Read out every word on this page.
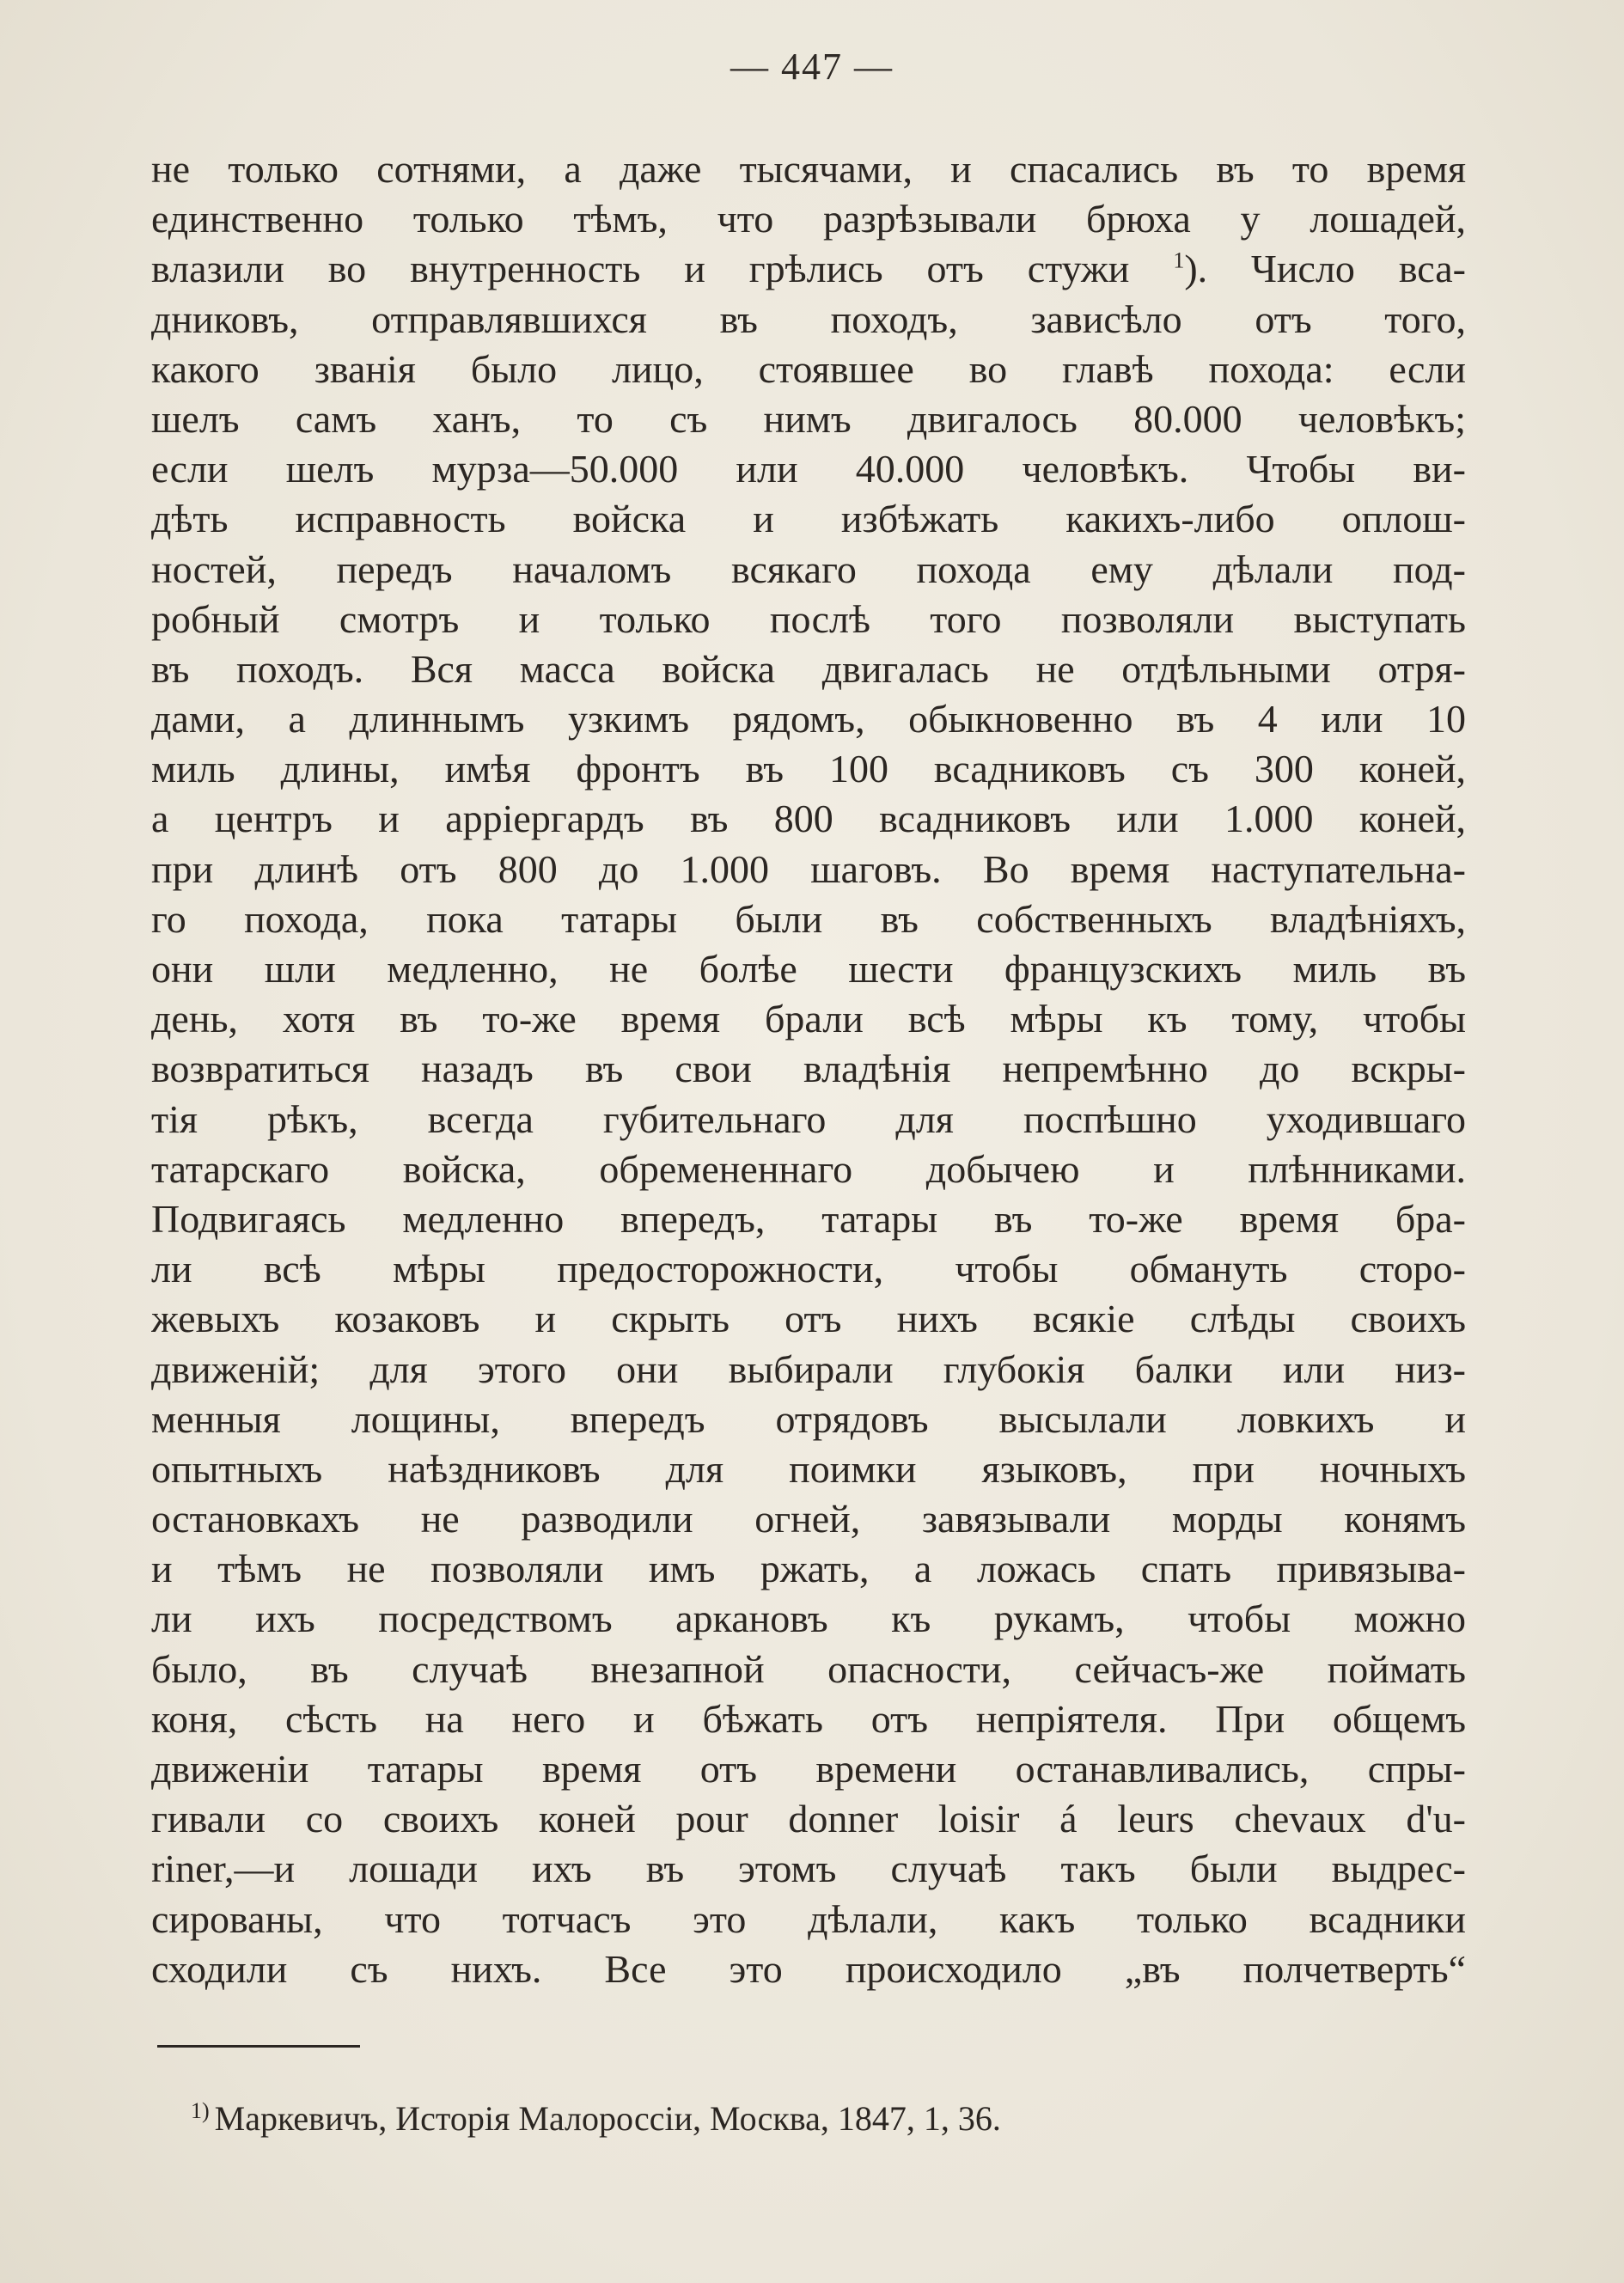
— 447 —
не только сотнями, а даже тысячами, и спасались въ то время
единственно только тѣмъ, что разрѣзывали брюха у лошадей,
влазили во внутренность и грѣлись отъ стужи $^1$). Число вса-
дниковъ, отправлявшихся въ походъ, зависѣло отъ того,
какого званія было лицо, стоявшее во главѣ похода: если
шелъ самъ ханъ, то съ нимъ двигалось 80.000 человѣкъ;
если шелъ мурза—50.000 или 40.000 человѣкъ. Чтобы ви-
дѣть исправность войска и избѣжать какихъ-либо оплош-
ностей, передъ началомъ всякаго похода ему дѣлали под-
робный смотръ и только послѣ того позволяли выступать
въ походъ. Вся масса войска двигалась не отдѣльными отря-
дами, а длиннымъ узкимъ рядомъ, обыкновенно въ 4 или 10
миль длины, имѣя фронтъ въ 100 всадниковъ съ 300 коней,
а центръ и арріергардъ въ 800 всадниковъ или 1.000 коней,
при длинѣ отъ 800 до 1.000 шаговъ. Во время наступательна-
го похода, пока татары были въ собственныхъ владѣніяхъ,
они шли медленно, не болѣе шести французскихъ миль въ
день, хотя въ то-же время брали всѣ мѣры къ тому, чтобы
возвратиться назадъ въ свои владѣнія непремѣнно до вскры-
тія рѣкъ, всегда губительнаго для поспѣшно уходившаго
татарскаго войска, обремененнаго добычею и плѣнниками.
Подвигаясь медленно впередъ, татары въ то-же время бра-
ли всѣ мѣры предосторожности, чтобы обмануть сторо-
жевыхъ козаковъ и скрыть отъ нихъ всякіе слѣды своихъ
движеній; для этого они выбирали глубокія балки или низ-
менныя лощины, впередъ отрядовъ высылали ловкихъ и
опытныхъ наѣздниковъ для поимки языковъ, при ночныхъ
остановкахъ не разводили огней, завязывали морды конямъ
и тѣмъ не позволяли имъ ржать, а ложась спать привязыва-
ли ихъ посредствомъ аркановъ къ рукамъ, чтобы можно
было, въ случаѣ внезапной опасности, сейчасъ-же поймать
коня, сѣсть на него и бѣжать отъ непріятеля. При общемъ
движеніи татары время отъ времени останавливались, спры-
гивали со своихъ коней pour donner loisir á leurs chevaux d'u-
riner,—и лошади ихъ въ этомъ случаѣ такъ были выдрес-
сированы, что тотчасъ это дѣлали, какъ только всадники
сходили съ нихъ. Все это происходило „въ полчетверть“
$^{1)}$ Маркевичъ, Исторія Малороссіи, Москва, 1847, 1, 36.
